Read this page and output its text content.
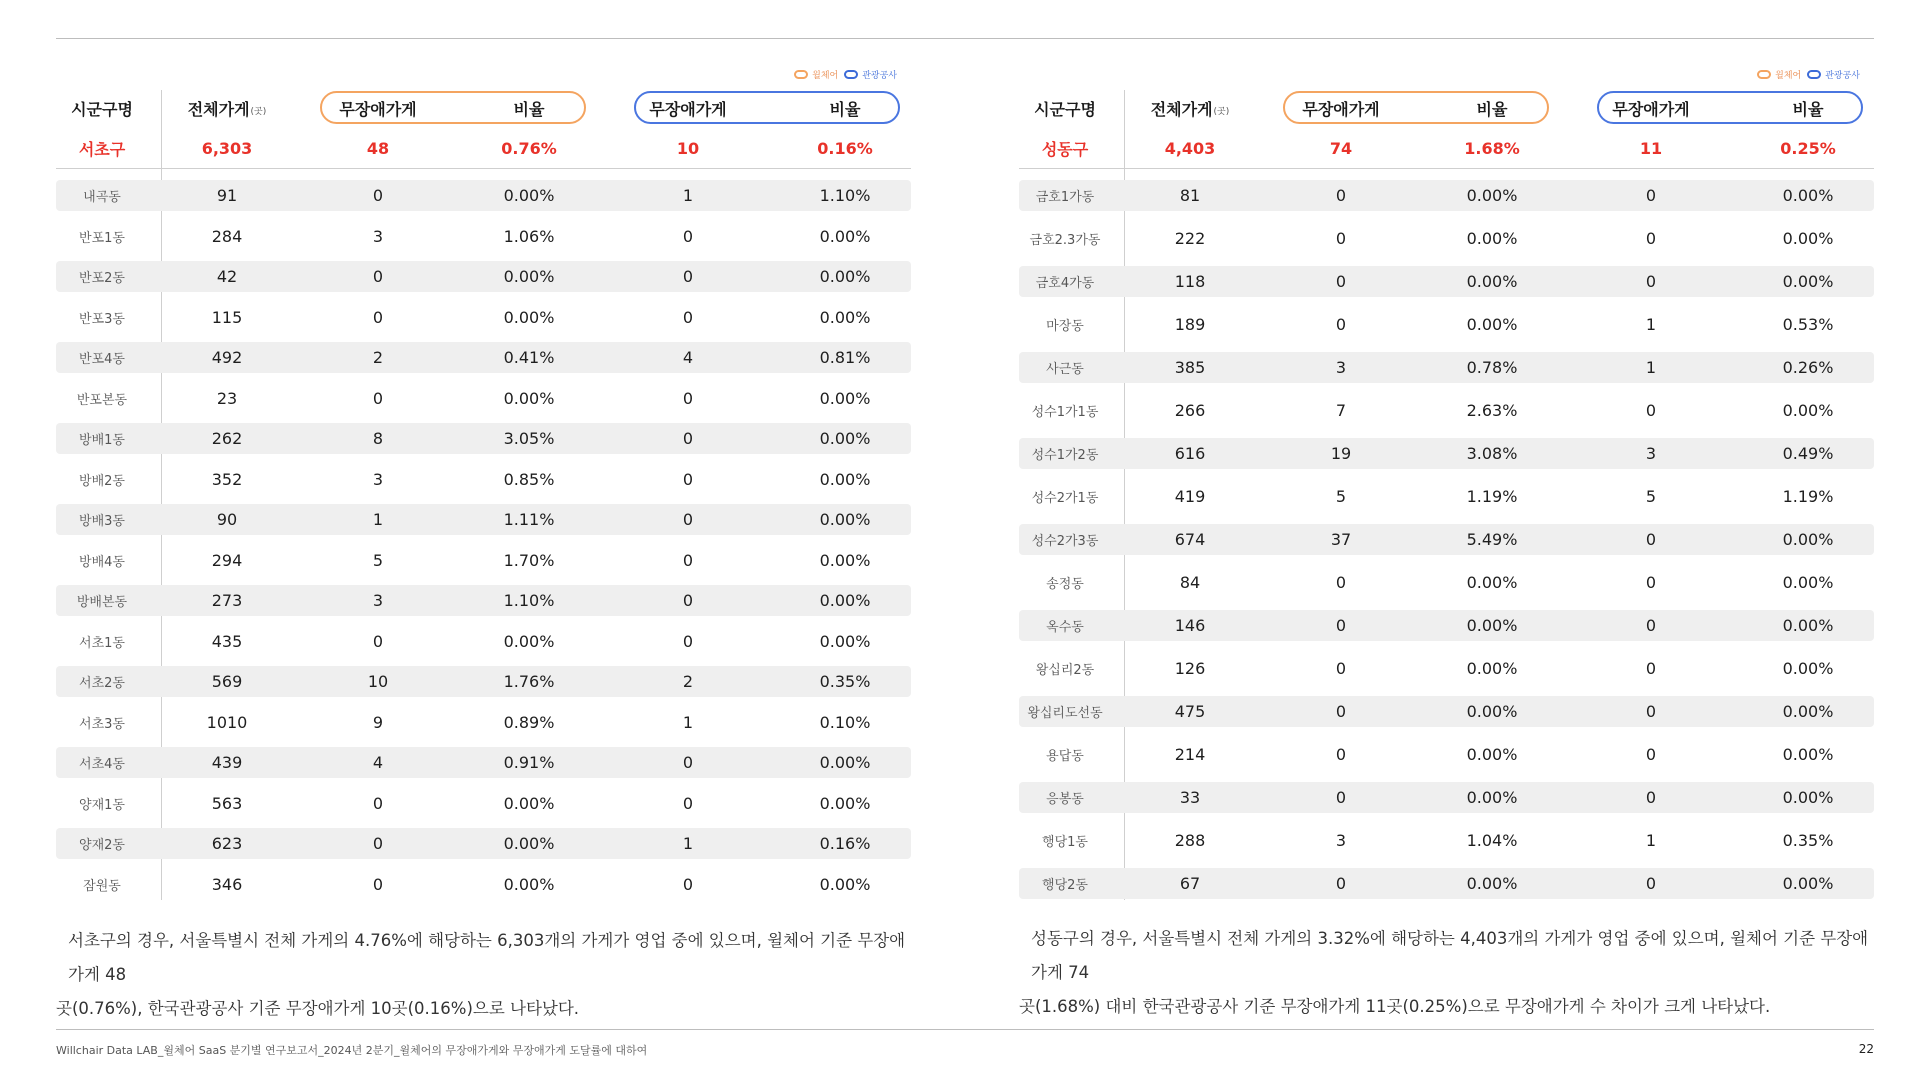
윌체어	관광공사
시군구명	전체가게 (곳)	무장애가게	비율	무장애가게	비율
서초구	6,303	48	0.76%	10	0.16%
내곡동	91	0	0.00%	1	1.10%
반포1동	284	3	1.06%	0	0.00%
반포2동	42	0	0.00%	0	0.00%
반포3동	115	0	0.00%	0	0.00%
반포4동	492	2	0.41%	4	0.81%
반포본동	23	0	0.00%	0	0.00%
방배1동	262	8	3.05%	0	0.00%
방배2동	352	3	0.85%	0	0.00%
방배3동	90	1	1.11%	0	0.00%
방배4동	294	5	1.70%	0	0.00%
방배본동	273	3	1.10%	0	0.00%
서초1동	435	0	0.00%	0	0.00%
서초2동	569	10	1.76%	2	0.35%
서초3동	1010	9	0.89%	1	0.10%
서초4동	439	4	0.91%	0	0.00%
양재1동	563	0	0.00%	0	0.00%
양재2동	623	0	0.00%	1	0.16%
잠원동	346	0	0.00%	0	0.00%
서초구의 경우, 서울특별시 전체 가게의 4.76%에 해당하는 6,303개의 가게가 영업 중에 있으며, 윌체어 기준 무장애가게 48
곳(0.76%), 한국관광공사 기준 무장애가게 10곳(0.16%)으로 나타났다.
윌체어	관광공사
시군구명	전체가게 (곳)	무장애가게	비율	무장애가게	비율
성동구	4,403	74	1.68%	11	0.25%
금호1가동	81	0	0.00%	0	0.00%
금호2.3가동	222	0	0.00%	0	0.00%
금호4가동	118	0	0.00%	0	0.00%
마장동	189	0	0.00%	1	0.53%
사근동	385	3	0.78%	1	0.26%
성수1가1동	266	7	2.63%	0	0.00%
성수1가2동	616	19	3.08%	3	0.49%
성수2가1동	419	5	1.19%	5	1.19%
성수2가3동	674	37	5.49%	0	0.00%
송정동	84	0	0.00%	0	0.00%
옥수동	146	0	0.00%	0	0.00%
왕십리2동	126	0	0.00%	0	0.00%
왕십리도선동	475	0	0.00%	0	0.00%
용답동	214	0	0.00%	0	0.00%
응봉동	33	0	0.00%	0	0.00%
행당1동	288	3	1.04%	1	0.35%
행당2동	67	0	0.00%	0	0.00%
성동구의 경우, 서울특별시 전체 가게의 3.32%에 해당하는 4,403개의 가게가 영업 중에 있으며, 윌체어 기준 무장애가게 74
곳(1.68%) 대비 한국관광공사 기준 무장애가게 11곳(0.25%)으로 무장애가게 수 차이가 크게 나타났다.
Willchair Data LAB_윌체어 SaaS 분기별 연구보고서_2024년 2분기_윌체어의 무장애가게와 무장애가게 도달률에 대하여	22
